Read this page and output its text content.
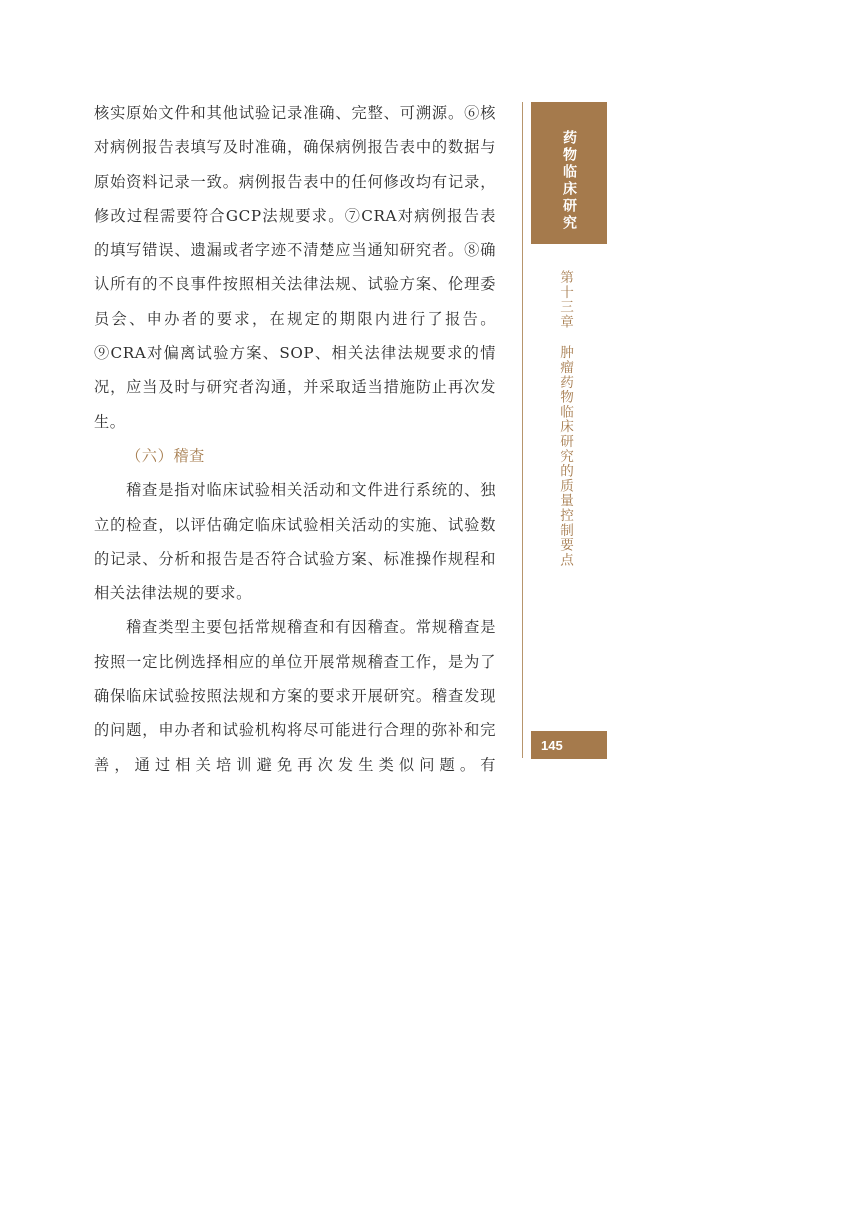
核实原始文件和其他试验记录准确、完整、可溯源。⑥核对病例报告表填写及时准确，确保病例报告表中的数据与原始资料记录一致。病例报告表中的任何修改均有记录，修改过程需要符合GCP法规要求。⑦CRA对病例报告表的填写错误、遗漏或者字迹不清楚应当通知研究者。⑧确认所有的不良事件按照相关法律法规、试验方案、伦理委员会、申办者的要求，在规定的期限内进行了报告。⑨CRA对偏离试验方案、SOP、相关法律法规要求的情况，应当及时与研究者沟通，并采取适当措施防止再次发生。

（六）稽查

稽查是指对临床试验相关活动和文件进行系统的、独立的检查，以评估确定临床试验相关活动的实施、试验数的记录、分析和报告是否符合试验方案、标准操作规程和相关法律法规的要求。

稽查类型主要包括常规稽查和有因稽查。常规稽查是按照一定比例选择相应的单位开展常规稽查工作，是为了确保临床试验按照法规和方案的要求开展研究。稽查发现的问题，申办者和试验机构将尽可能进行合理的弥补和完善，通过相关培训避免再次发生类似问题。有

药物临床研究
第十三章肿瘤药物临床研究的质量控制要点
145
